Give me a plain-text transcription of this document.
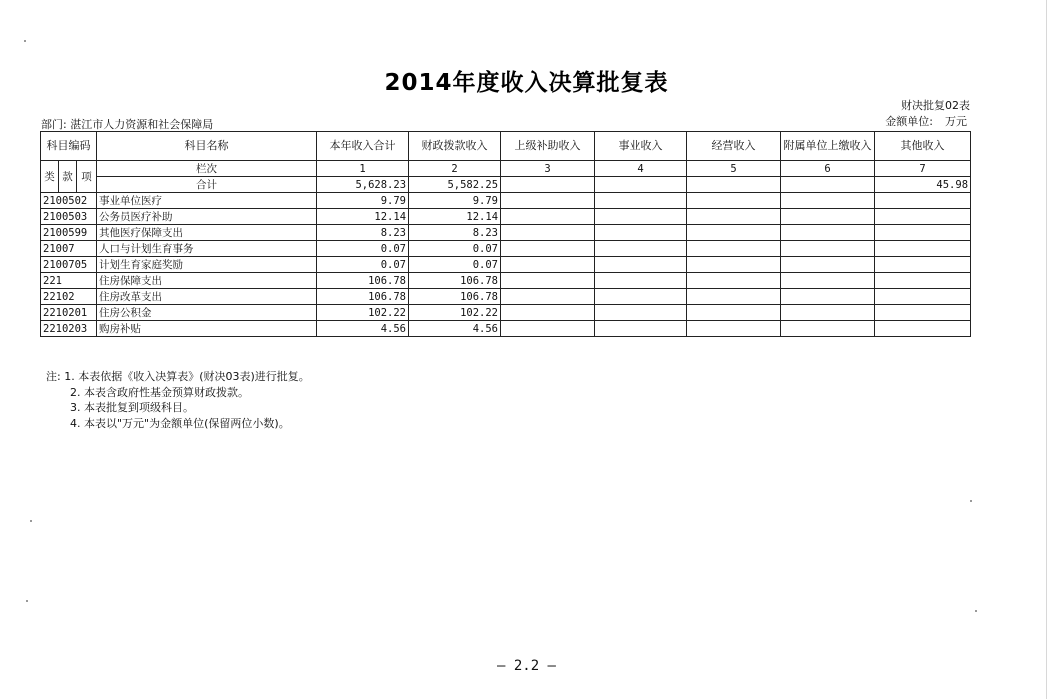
2014年度收入决算批复表
财决批复02表
金额单位: 万元
部门: 湛江市人力资源和社会保障局
科目编码			科目名称	本年收入合计	财政拨款收入	上级补助收入	事业收入	经营收入	附属单位上缴收入	其他收入

类	款	项	栏次	1	2	3	4	5	6	7
			合计	5,628.23	5,582.25					45.98
2100502			事业单位医疗	9.79	9.79					
2100503			公务员医疗补助	12.14	12.14					
2100599			其他医疗保障支出	8.23	8.23					
21007			人口与计划生育事务	0.07	0.07					
2100705			计划生育家庭奖励	0.07	0.07					
221			住房保障支出	106.78	106.78					
22102			住房改革支出	106.78	106.78					
2210201			住房公积金	102.22	102.22					
2210203			购房补贴	4.56	4.56					
注: 1. 本表依据《收入决算表》(财决03表)进行批复。
2. 本表含政府性基金预算财政拨款。
3. 本表批复到项级科目。
4. 本表以"万元"为金额单位(保留两位小数)。
— 2.2 —
